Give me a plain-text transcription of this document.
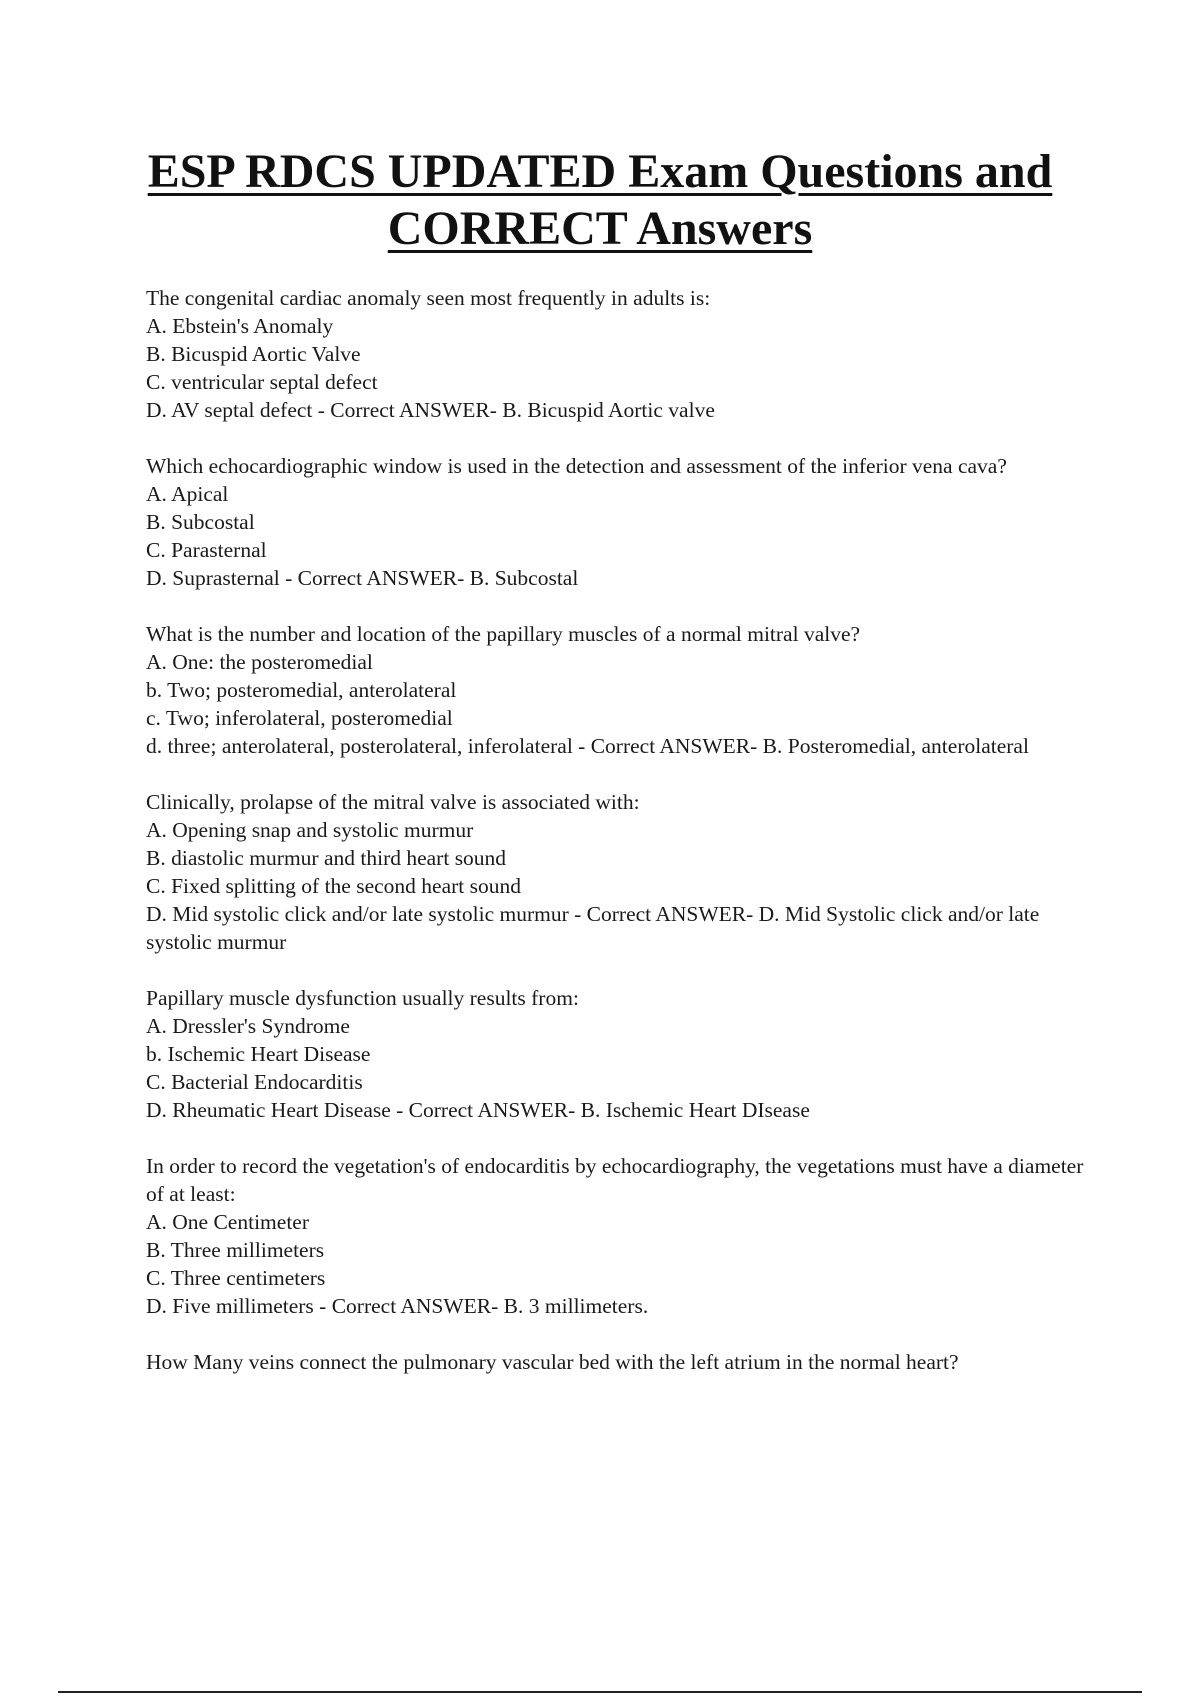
ESP RDCS UPDATED Exam Questions and
CORRECT Answers
The congenital cardiac anomaly seen most frequently in adults is:
A. Ebstein's Anomaly
B. Bicuspid Aortic Valve
C. ventricular septal defect
D. AV septal defect - Correct ANSWER- B. Bicuspid Aortic valve
Which echocardiographic window is used in the detection and assessment of the inferior vena cava?
A. Apical
B. Subcostal
C. Parasternal
D. Suprasternal - Correct ANSWER- B. Subcostal
What is the number and location of the papillary muscles of a normal mitral valve?
A. One: the posteromedial
b. Two; posteromedial, anterolateral
c. Two; inferolateral, posteromedial
d. three; anterolateral, posterolateral, inferolateral - Correct ANSWER- B. Posteromedial, anterolateral
Clinically, prolapse of the mitral valve is associated with:
A. Opening snap and systolic murmur
B. diastolic murmur and third heart sound
C. Fixed splitting of the second heart sound
D. Mid systolic click and/or late systolic murmur - Correct ANSWER- D. Mid Systolic click and/or late systolic murmur
Papillary muscle dysfunction usually results from:
A. Dressler's Syndrome
b. Ischemic Heart Disease
C. Bacterial Endocarditis
D. Rheumatic Heart Disease - Correct ANSWER- B. Ischemic Heart DIsease
In order to record the vegetation's of endocarditis by echocardiography, the vegetations must have a diameter of at least:
A. One Centimeter
B. Three millimeters
C. Three centimeters
D. Five millimeters - Correct ANSWER- B. 3 millimeters.
How Many veins connect the pulmonary vascular bed with the left atrium in the normal heart?
